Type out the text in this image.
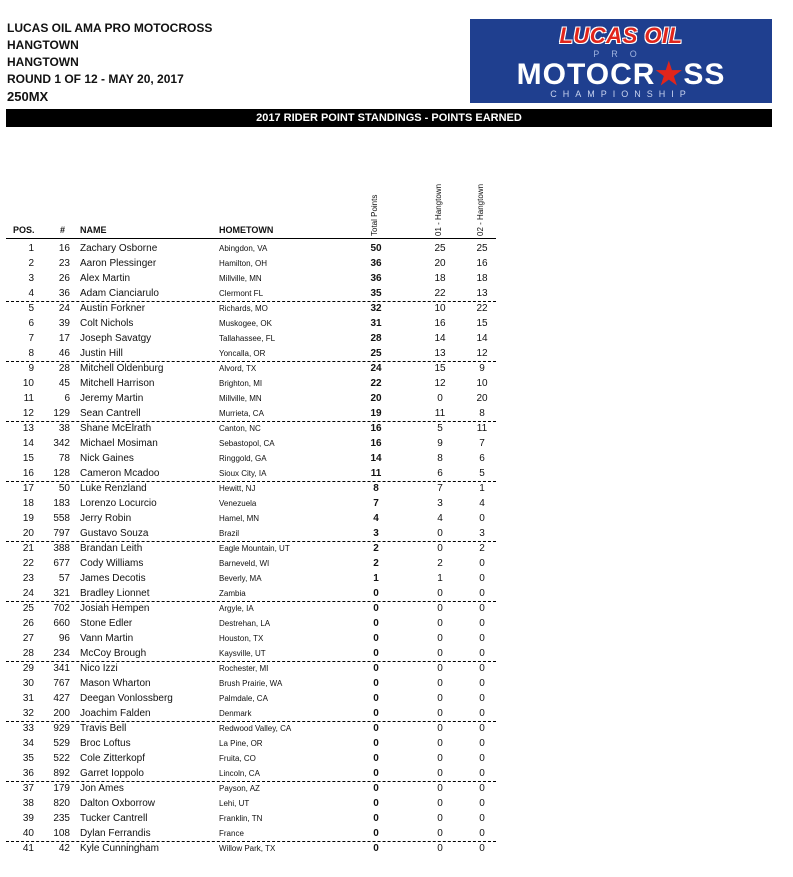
LUCAS OIL AMA PRO MOTOCROSS
HANGTOWN
HANGTOWN
ROUND 1 OF 12 - MAY 20, 2017
250MX
LUCAS OIL
PRO
MOTOCR★SS
CHAMPIONSHIP
2017 RIDER POINT STANDINGS - POINTS EARNED
Total Points	01 - Hangtown	02 - Hangtown
POS.	# NAME	HOMETOWN
1	16 Zachary Osborne	Abingdon, VA	50	25	25
2	23 Aaron Plessinger	Hamilton, OH	36	20	16
3	26 Alex Martin	Millville, MN	36	18	18
4	36 Adam Cianciarulo	Clermont FL	35	22	13
5	24 Austin Forkner	Richards, MO	32	10	22
6	39 Colt Nichols	Muskogee, OK	31	16	15
7	17 Joseph Savatgy	Tallahassee, FL	28	14	14
8	46 Justin Hill	Yoncalla, OR	25	13	12
9	28 Mitchell Oldenburg	Alvord, TX	24	15	9
10	45 Mitchell Harrison	Brighton, MI	22	12	10
11	6 Jeremy Martin	Millville, MN	20	0	20
12	129 Sean Cantrell	Murrieta, CA	19	11	8
13	38 Shane McElrath	Canton, NC	16	5	11
14	342 Michael Mosiman	Sebastopol, CA	16	9	7
15	78 Nick Gaines	Ringgold, GA	14	8	6
16	128 Cameron Mcadoo	Sioux City, IA	11	6	5
17	50 Luke Renzland	Hewitt, NJ	8	7	1
18	183 Lorenzo Locurcio	Venezuela	7	3	4
19	558 Jerry Robin	Hamel, MN	4	4	0
20	797 Gustavo Souza	Brazil	3	0	3
21	388 Brandan Leith	Eagle Mountain, UT	2	0	2
22	677 Cody Williams	Barneveld, WI	2	2	0
23	57 James Decotis	Beverly, MA	1	1	0
24	321 Bradley Lionnet	Zambia	0	0	0
25	702 Josiah Hempen	Argyle, IA	0	0	0
26	660 Stone Edler	Destrehan, LA	0	0	0
27	96 Vann Martin	Houston, TX	0	0	0
28	234 McCoy Brough	Kaysville, UT	0	0	0
29	341 Nico Izzi	Rochester, MI	0	0	0
30	767 Mason Wharton	Brush Prairie, WA	0	0	0
31	427 Deegan Vonlossberg	Palmdale, CA	0	0	0
32	200 Joachim Falden	Denmark	0	0	0
33	929 Travis Bell	Redwood Valley, CA	0	0	0
34	529 Broc Loftus	La Pine, OR	0	0	0
35	522 Cole Zitterkopf	Fruita, CO	0	0	0
36	892 Garret Ioppolo	Lincoln, CA	0	0	0
37	179 Jon Ames	Payson, AZ	0	0	0
38	820 Dalton Oxborrow	Lehi, UT	0	0	0
39	235 Tucker Cantrell	Franklin, TN	0	0	0
40	108 Dylan Ferrandis	France	0	0	0
41	42 Kyle Cunningham	Willow Park, TX	0	0	0
